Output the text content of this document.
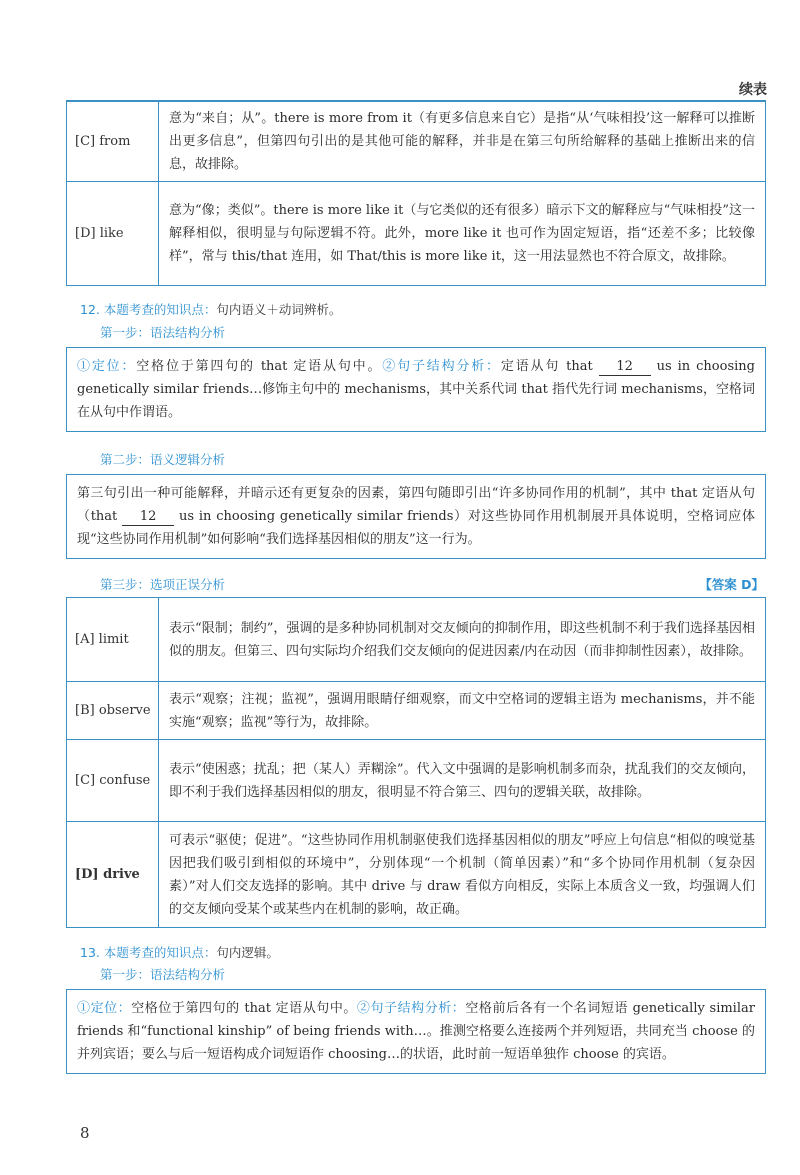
续表
[C] from	意为“来自；从”。there is more from it（有更多信息来自它）是指“从‘气味相投’这一解释可以推断出更多信息”，但第四句引出的是其他可能的解释，并非是在第三句所给解释的基础上推断出来的信息，故排除。
[D] like	意为“像；类似”。there is more like it（与它类似的还有很多）暗示下文的解释应与“气味相投”这一解释相似，很明显与句际逻辑不符。此外，more like it 也可作为固定短语，指“还差不多；比较像样”，常与 this/that 连用，如 That/this is more like it，这一用法显然也不符合原文，故排除。
12. 本题考查的知识点：句内语义＋动词辨析。
第一步：语法结构分析
①定位：空格位于第四句的 that 定语从句中。②句子结构分析：定语从句 that 12 us in choosing genetically similar friends…修饰主句中的 mechanisms，其中关系代词 that 指代先行词 mechanisms，空格词在从句中作谓语。
第二步：语义逻辑分析
第三句引出一种可能解释，并暗示还有更复杂的因素，第四句随即引出“许多协同作用的机制”，其中 that 定语从句（that 12 us in choosing genetically similar friends）对这些协同作用机制展开具体说明，空格词应体现“这些协同作用机制”如何影响“我们选择基因相似的朋友”这一行为。
第三步：选项正误分析	【答案 D】
[A] limit	表示“限制；制约”，强调的是多种协同机制对交友倾向的抑制作用，即这些机制不利于我们选择基因相似的朋友。但第三、四句实际均介绍我们交友倾向的促进因素/内在动因（而非抑制性因素），故排除。
[B] observe	表示“观察；注视；监视”，强调用眼睛仔细观察，而文中空格词的逻辑主语为 mechanisms，并不能实施“观察；监视”等行为，故排除。
[C] confuse	表示“使困惑；扰乱；把（某人）弄糊涂”。代入文中强调的是影响机制多而杂，扰乱我们的交友倾向，即不利于我们选择基因相似的朋友，很明显不符合第三、四句的逻辑关联，故排除。
[D] drive	可表示“驱使；促进”。“这些协同作用机制驱使我们选择基因相似的朋友”呼应上句信息“相似的嗅觉基因把我们吸引到相似的环境中”，分别体现“一个机制（简单因素）”和“多个协同作用机制（复杂因素）”对人们交友选择的影响。其中 drive 与 draw 看似方向相反，实际上本质含义一致，均强调人们的交友倾向受某个或某些内在机制的影响，故正确。
13. 本题考查的知识点：句内逻辑。
第一步：语法结构分析
①定位：空格位于第四句的 that 定语从句中。②句子结构分析：空格前后各有一个名词短语 genetically similar friends 和“functional kinship” of being friends with…。推测空格要么连接两个并列短语，共同充当 choose 的并列宾语；要么与后一短语构成介词短语作 choosing…的状语，此时前一短语单独作 choose 的宾语。
8
